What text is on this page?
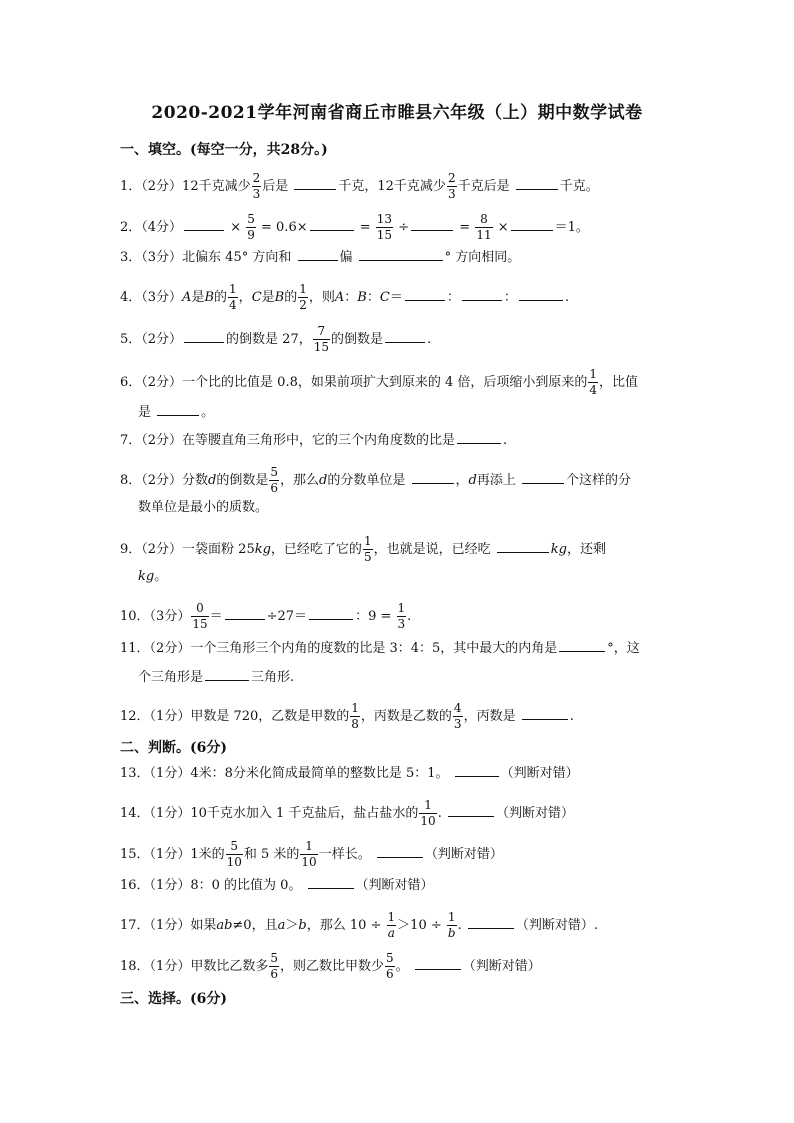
2020-2021学年河南省商丘市睢县六年级（上）期中数学试卷
一、填空。(每空一分，共28分。)
1．（2分）12千克减少 $\frac{2}{3}$ 后是	千克，12千克减少 $\frac{2}{3}$ 千克后是	千克。
2．（4分）	× $\frac{5}{9} = 0.6\times$	= $\frac{13}{15}$ ÷	= $\frac{8}{11}$ ×	＝1。
3．（3分）北偏东 45° 方向和	偏	° 方向相同。
4．（3分）A是B的 $\frac{1}{4}$ ，C是B的 $\frac{1}{2}$ ，则A：B：C＝	：	：	.
5．（2分）	的倒数是 27， $\frac{7}{15}$ 的倒数是	.
6．（2分）一个比的比值是 0.8，如果前项扩大到原来的 4 倍，后项缩小到原来的 $\frac{1}{4}$ ，比值
是	。
7．（2分）在等腰直角三角形中，它的三个内角度数的比是	.
8．（2分）分数d的倒数是 $\frac{5}{6}$ ，那么d的分数单位是	，d再添上	个这样的分
数单位是最小的质数。
9．（2分）一袋面粉 25kg，已经吃了它的 $\frac{1}{5}$ ，也就是说，已经吃	kg，还剩
kg。
10．（3分） $\frac{0}{15}$ ＝	÷27＝	：$9 = \frac{1}{3}$ .
11．（2分）一个三角形三个内角的度数的比是 3：4：5，其中最大的内角是	°，这
个三角形是	三角形.
12．（1分）甲数是 720，乙数是甲数的 $\frac{1}{8}$ ，丙数是乙数的 $\frac{4}{3}$ ，丙数是	.
二、判断。(6分)
13．（1分）4米：8分米化简成最简单的整数比是 5：1。	（判断对错）
14．（1分）10千克水加入 1 千克盐后，盐占盐水的 $\frac{1}{10}$ .	（判断对错）
15．（1分）1米的 $\frac{5}{10}$ 和 5 米的 $\frac{1}{10}$ 一样长。	（判断对错）
16．（1分）8：0 的比值为 0。	（判断对错）
17．（1分）如果ab≠0，且a＞b，那么 $10 \div \frac{1}{a} >10 \div \frac{1}{b}$ .	（判断对错）.
18．（1分）甲数比乙数多 $\frac{5}{6}$ ，则乙数比甲数少 $\frac{5}{6}$ 。	（判断对错）
三、选择。(6分)
